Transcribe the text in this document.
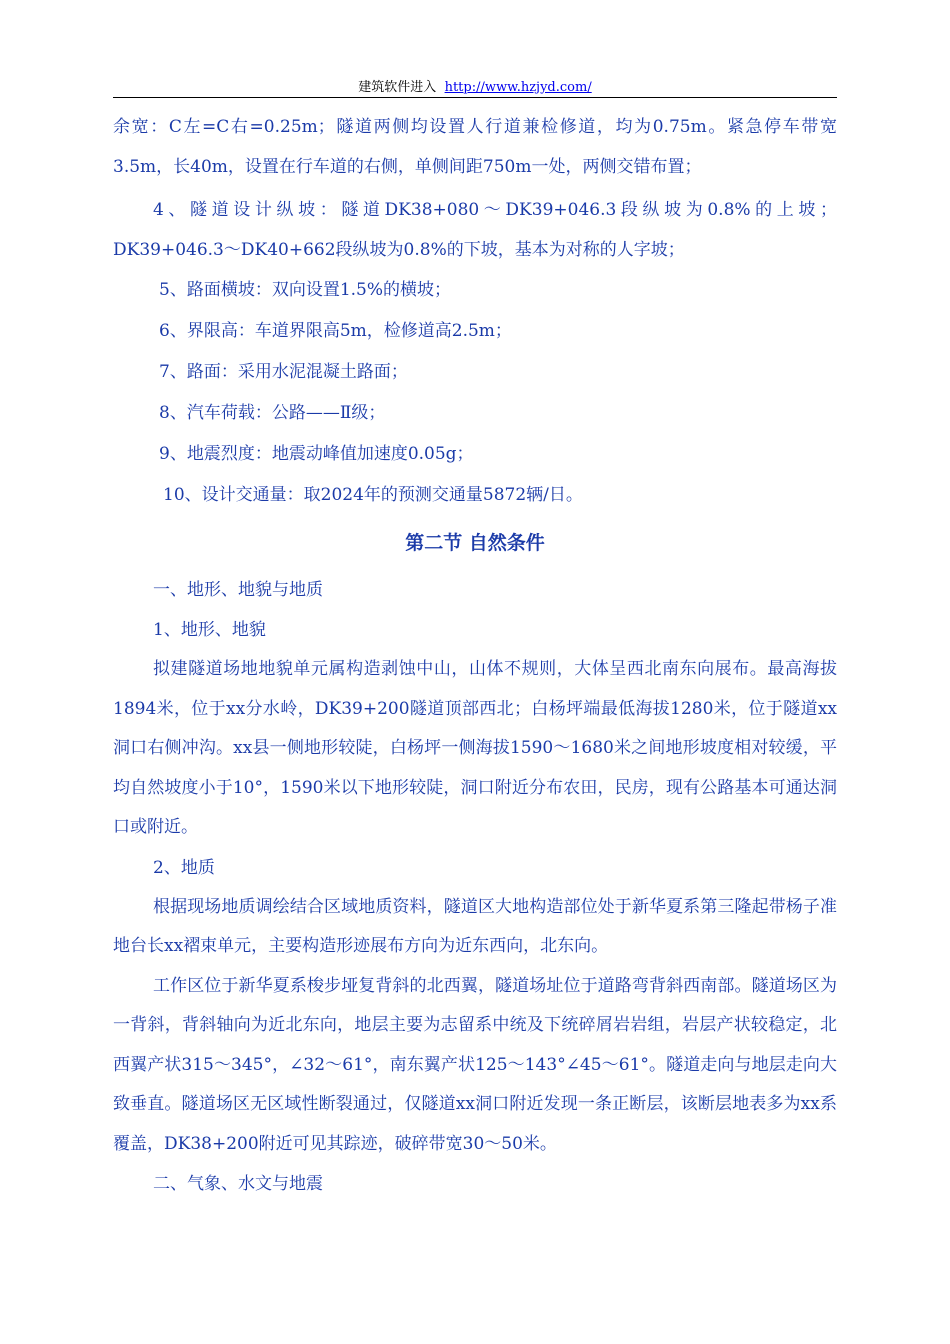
建筑软件进入 http://www.hzjyd.com/

余宽：C左=C右=0.25m；隧道两侧均设置人行道兼检修道，均为0.75m。紧急停车带宽3.5m，长40m，设置在行车道的右侧，单侧间距750m一处，两侧交错布置；

4、隧道设计纵坡：隧道DK38+080～DK39+046.3段纵坡为0.8%的上坡；DK39+046.3～DK40+662段纵坡为0.8%的下坡，基本为对称的人字坡；

5、路面横坡：双向设置1.5%的横坡；

6、界限高：车道界限高5m，检修道高2.5m；

7、路面：采用水泥混凝土路面；

8、汽车荷载：公路——Ⅱ级；

9、地震烈度：地震动峰值加速度0.05g；

10、设计交通量：取2024年的预测交通量5872辆/日。

第二节 自然条件

一、地形、地貌与地质

1、地形、地貌

拟建隧道场地地貌单元属构造剥蚀中山，山体不规则，大体呈西北南东向展布。最高海拔1894米，位于xx分水岭，DK39+200隧道顶部西北；白杨坪端最低海拔1280米，位于隧道xx洞口右侧冲沟。xx县一侧地形较陡，白杨坪一侧海拔1590～1680米之间地形坡度相对较缓，平均自然坡度小于10°，1590米以下地形较陡，洞口附近分布农田，民房，现有公路基本可通达洞口或附近。

2、地质

根据现场地质调绘结合区域地质资料，隧道区大地构造部位处于新华夏系第三隆起带杨子准地台长xx褶束单元，主要构造形迹展布方向为近东西向，北东向。

工作区位于新华夏系梭步垭复背斜的北西翼，隧道场址位于道路弯背斜西南部。隧道场区为一背斜，背斜轴向为近北东向，地层主要为志留系中统及下统碎屑岩岩组，岩层产状较稳定，北西翼产状315～345°，∠32～61°，南东翼产状125～143°∠45～61°。隧道走向与地层走向大致垂直。隧道场区无区域性断裂通过，仅隧道xx洞口附近发现一条正断层，该断层地表多为xx系覆盖，DK38+200附近可见其踪迹，破碎带宽30～50米。

二、气象、水文与地震
